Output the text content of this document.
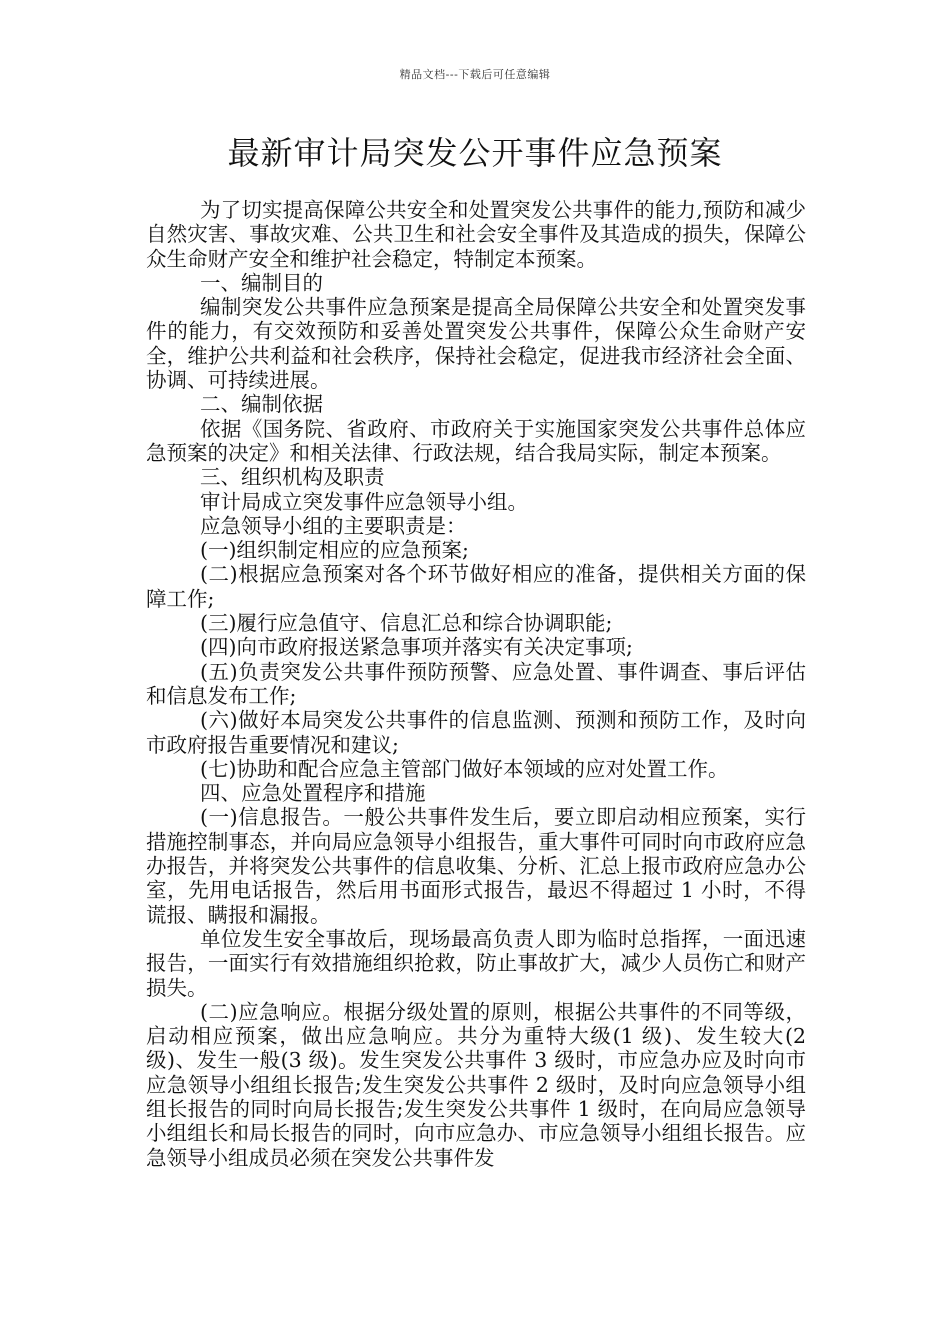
精品文档---下载后可任意编辑
最新审计局突发公开事件应急预案

为了切实提高保障公共安全和处置突发公共事件的能力,预防和减少自然灾害、事故灾难、公共卫生和社会安全事件及其造成的损失，保障公众生命财产安全和维护社会稳定，特制定本预案。

一、编制目的

编制突发公共事件应急预案是提高全局保障公共安全和处置突发事件的能力，有交效预防和妥善处置突发公共事件，保障公众生命财产安全，维护公共利益和社会秩序，保持社会稳定，促进我市经济社会全面、协调、可持续进展。

二、编制依据

依据《国务院、省政府、市政府关于实施国家突发公共事件总体应急预案的决定》和相关法律、行政法规，结合我局实际，制定本预案。

三、组织机构及职责

审计局成立突发事件应急领导小组。

应急领导小组的主要职责是：

(一)组织制定相应的应急预案;

(二)根据应急预案对各个环节做好相应的准备，提供相关方面的保障工作;

(三)履行应急值守、信息汇总和综合协调职能;

(四)向市政府报送紧急事项并落实有关决定事项;

(五)负责突发公共事件预防预警、应急处置、事件调查、事后评估和信息发布工作;

(六)做好本局突发公共事件的信息监测、预测和预防工作，及时向市政府报告重要情况和建议;

(七)协助和配合应急主管部门做好本领域的应对处置工作。

四、应急处置程序和措施

(一)信息报告。一般公共事件发生后，要立即启动相应预案，实行措施控制事态，并向局应急领导小组报告，重大事件可同时向市政府应急办报告，并将突发公共事件的信息收集、分析、汇总上报市政府应急办公室，先用电话报告，然后用书面形式报告，最迟不得超过 1 小时，不得谎报、瞒报和漏报。

单位发生安全事故后，现场最高负责人即为临时总指挥，一面迅速报告，一面实行有效措施组织抢救，防止事故扩大，减少人员伤亡和财产损失。

(二)应急响应。根据分级处置的原则，根据公共事件的不同等级，启动相应预案，做出应急响应。共分为重特大级(1 级)、发生较大(2 级)、发生一般(3 级)。发生突发公共事件 3 级时，市应急办应及时向市应急领导小组组长报告;发生突发公共事件 2 级时，及时向应急领导小组组长报告的同时向局长报告;发生突发公共事件 1 级时，在向局应急领导小组组长和局长报告的同时，向市应急办、市应急领导小组组长报告。应急领导小组成员必须在突发公共事件发
